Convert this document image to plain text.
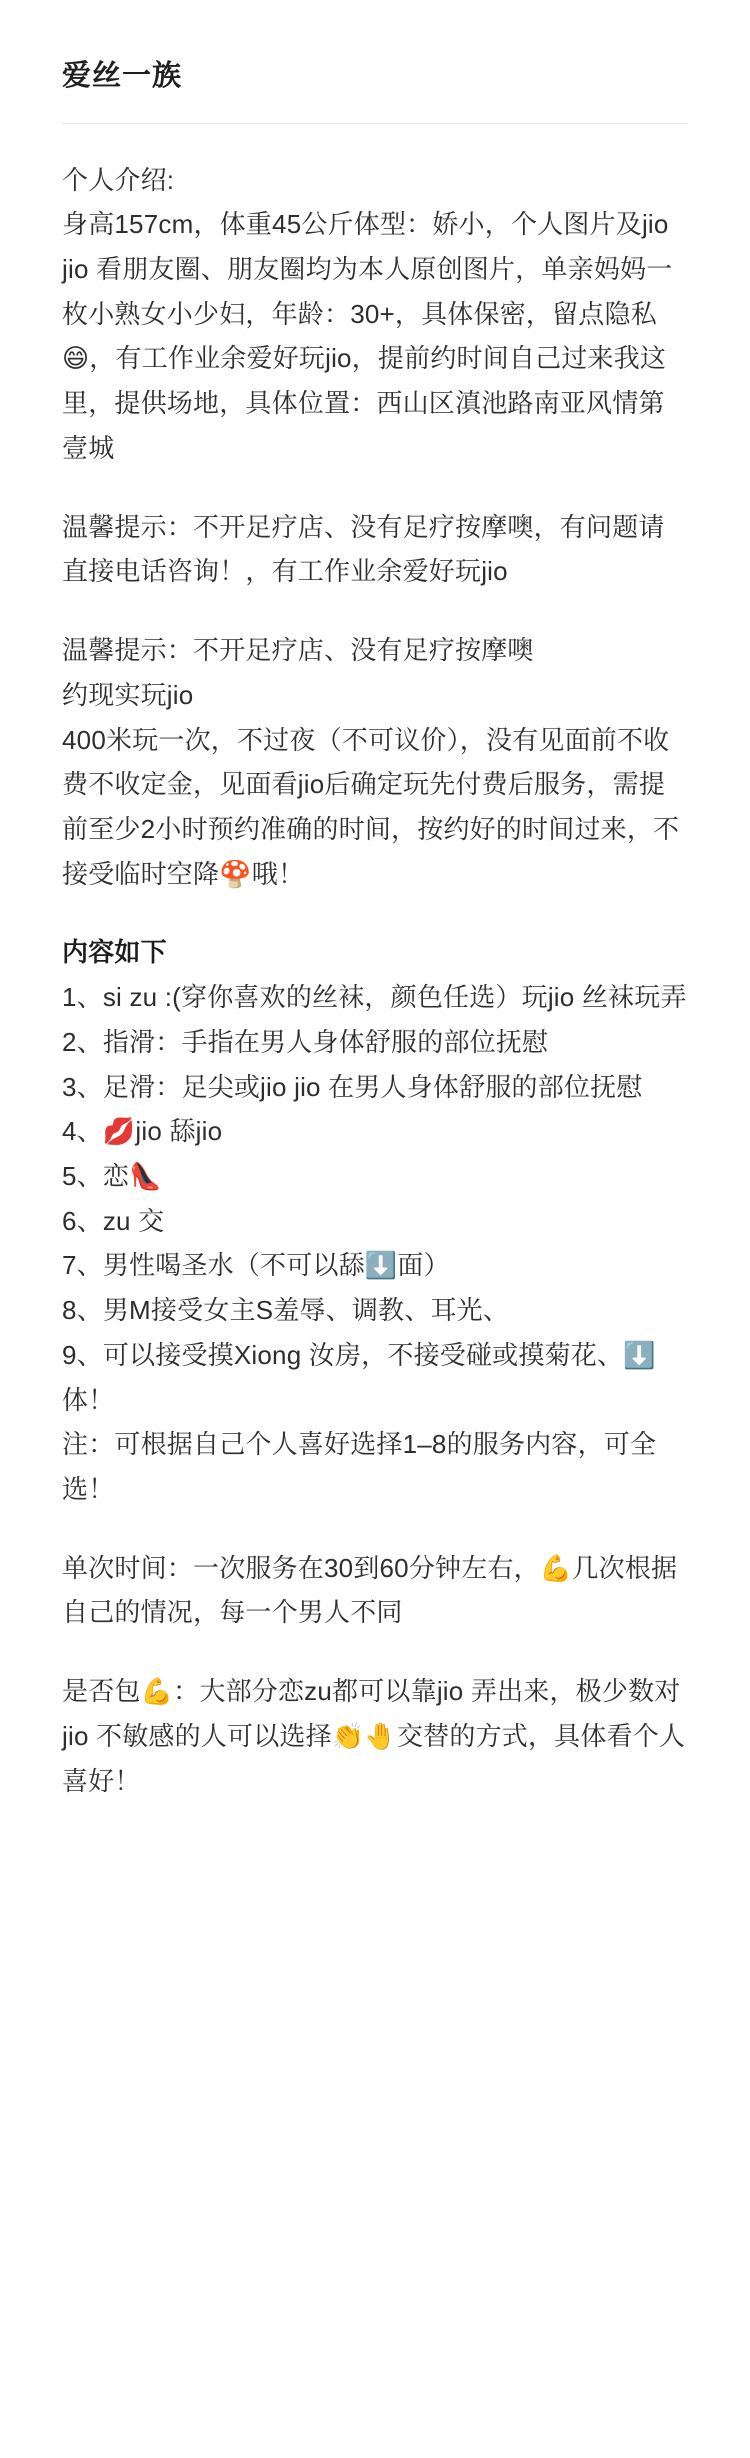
爱丝一族

个人介绍:

身高157cm，体重45公斤体型：娇小，个人图片及jio jio 看朋友圈、朋友圈均为本人原创图片，单亲妈妈一枚小熟女小少妇，年龄：30+，具体保密，留点隐私😄，有工作业余爱好玩jio，提前约时间自己过来我这里，提供场地，具体位置：西山区滇池路南亚风情第壹城

温馨提示：不开足疗店、没有足疗按摩噢，有问题请直接电话咨询！，有工作业余爱好玩jio

温馨提示：不开足疗店、没有足疗按摩噢

约现实玩jio

400米玩一次，不过夜（不可议价），没有见面前不收费不收定金，见面看jio后确定玩先付费后服务，需提前至少2小时预约准确的时间，按约好的时间过来，不接受临时空降🍄哦！

内容如下

1、si zu :(穿你喜欢的丝袜，颜色任选）玩jio 丝袜玩弄
2、指滑：手指在男人身体舒服的部位抚慰
3、足滑：足尖或jio jio 在男人身体舒服的部位抚慰
4、💋jio 舔jio
5、恋👠
6、zu 交
7、男性喝圣水（不可以舔⬇️面）
8、男M接受女主S羞辱、调教、耳光、
9、可以接受摸Xiong 汝房，不接受碰或摸菊花、⬇️体！

注：可根据自己个人喜好选择1–8的服务内容，可全选！

单次时间：一次服务在30到60分钟左右，💪几次根据自己的情况，每一个男人不同

是否包💪：大部分恋zu都可以靠jio 弄出来，极少数对jio 不敏感的人可以选择👏🤚交替的方式，具体看个人喜好！
